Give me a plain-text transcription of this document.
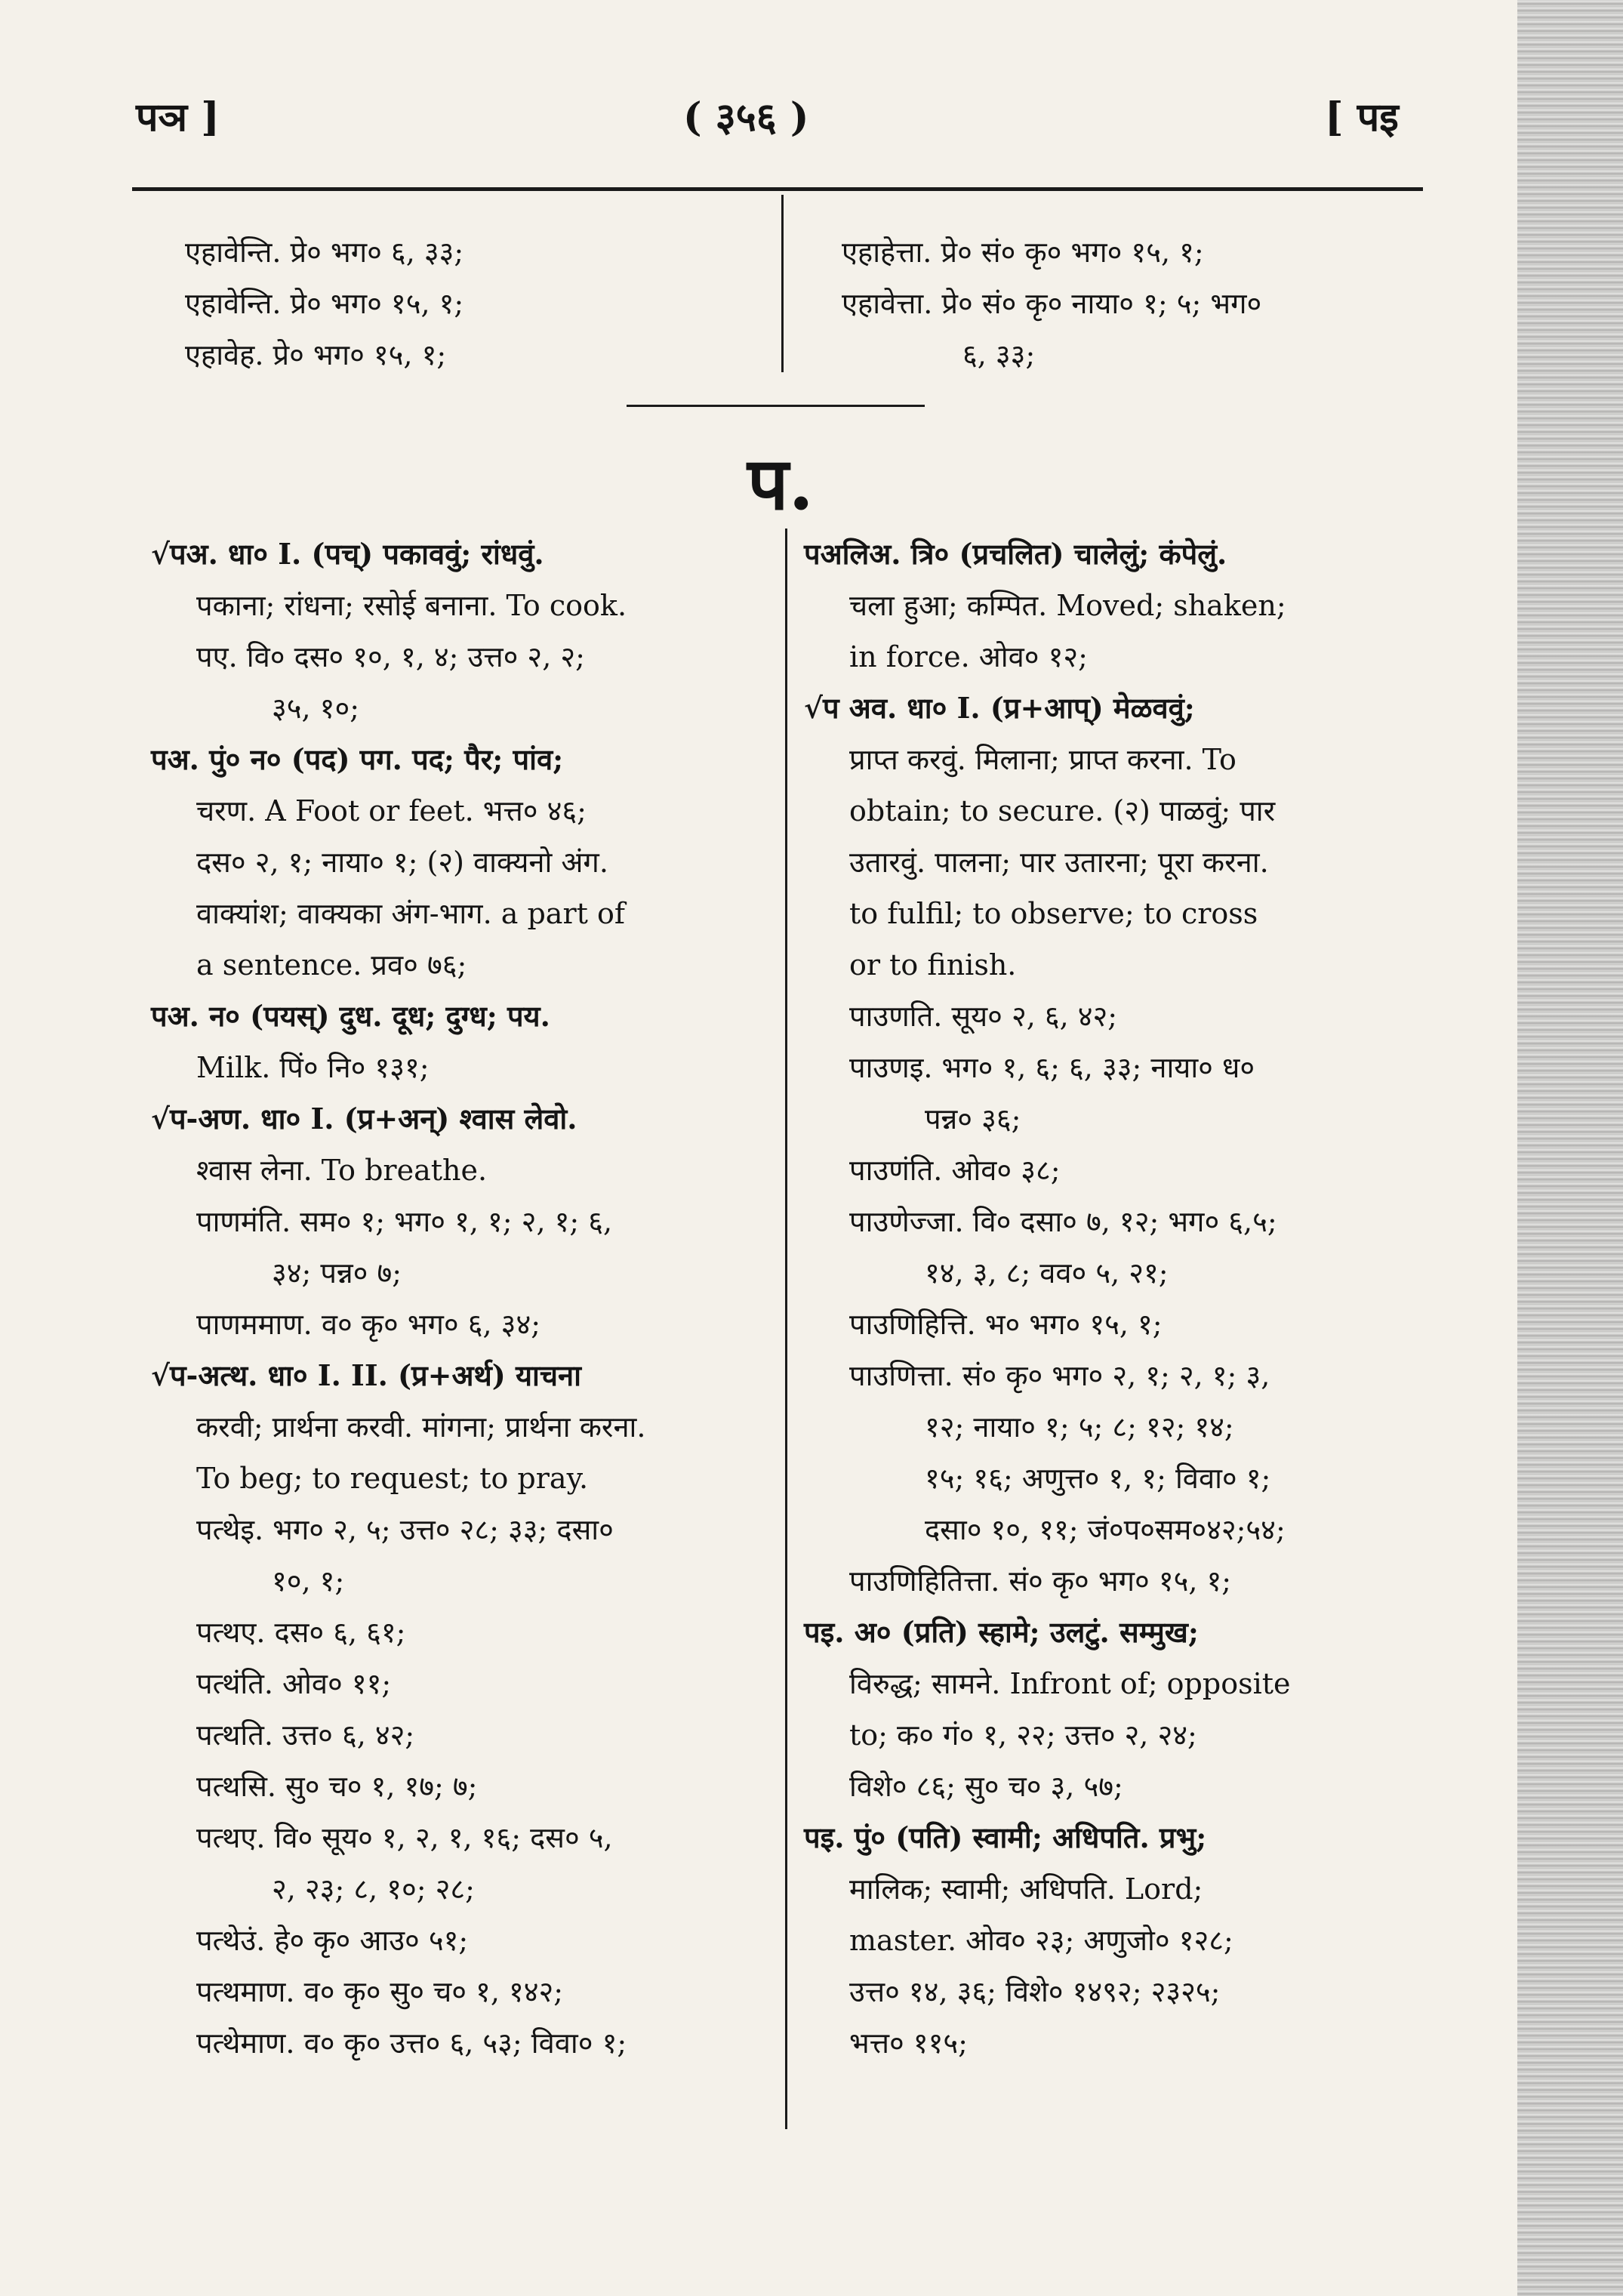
पञ ]	( ३५६ )	[ पइ
एहावेन्ति. प्रे० भग० ६, ३३;
एहावेन्ति. प्रे० भग० १५, १;
एहावेह. प्रे० भग० १५, १;
एहाहेत्ता. प्रे० सं० कृ० भग० १५, १;
एहावेत्ता. प्रे० सं० कृ० नाया० १; ५; भग०
६, ३३;
प.
√पअ. धा० I. (पच्) पकाववुं; रांधवुं.
पकाना; रांधना; रसोई बनाना. To cook.
पए. वि० दस० १०, १, ४; उत्त० २, २;
३५, १०;
पअ. पुं० न० (पद) पग. पद; पैर; पांव;
चरण. A Foot or feet. भत्त० ४६;
दस० २, १; नाया० १; (२) वाक्यनो अंग.
वाक्यांश; वाक्यका अंग-भाग. a part of
a sentence. प्रव० ७६;
पअ. न० (पयस्) दुध. दूध; दुग्ध; पय.
Milk. पिं० नि० १३१;
√प-अण. धा० I. (प्र+अन्) श्वास लेवो.
श्वास लेना. To breathe.
पाणमंति. सम० १; भग० १, १; २, १; ६,
३४; पन्न० ७;
पाणममाण. व० कृ० भग० ६, ३४;
√प-अत्थ. धा० I. II. (प्र+अर्थ) याचना
करवी; प्रार्थना करवी. मांगना; प्रार्थना करना.
To beg; to request; to pray.
पत्थेइ. भग० २, ५; उत्त० २८; ३३; दसा०
१०, १;
पत्थए. दस० ६, ६१;
पत्थंति. ओव० ११;
पत्थति. उत्त० ६, ४२;
पत्थसि. सु० च० १, १७; ७;
पत्थए. वि० सूय० १, २, १, १६; दस० ५,
२, २३; ८, १०; २८;
पत्थेउं. हे० कृ० आउ० ५१;
पत्थमाण. व० कृ० सु० च० १, १४२;
पत्थेमाण. व० कृ० उत्त० ६, ५३; विवा० १;
पअलिअ. त्रि० (प्रचलित) चालेलुं; कंपेलुं.
चला हुआ; कम्पित. Moved; shaken;
in force. ओव० १२;
√प अव. धा० I. (प्र+आप्) मेळववुं;
प्राप्त करवुं. मिलाना; प्राप्त करना. To
obtain; to secure. (२) पाळवुं; पार
उतारवुं. पालना; पार उतारना; पूरा करना.
to fulfil; to observe; to cross
or to finish.
पाउणति. सूय० २, ६, ४२;
पाउणइ. भग० १, ६; ६, ३३; नाया० ध०
पन्न० ३६;
पाउणंति. ओव० ३८;
पाउणेज्जा. वि० दसा० ७, १२; भग० ६,५;
१४, ३, ८; वव० ५, २१;
पाउणिहित्ति. भ० भग० १५, १;
पाउणित्ता. सं० कृ० भग० २, १; २, १; ३,
१२; नाया० १; ५; ८; १२; १४;
१५; १६; अणुत्त० १, १; विवा० १;
दसा० १०, ११; जं०प०सम०४२;५४;
पाउणिहितित्ता. सं० कृ० भग० १५, १;
पइ. अ० (प्रति) स्हामे; उलटुं. सम्मुख;
विरुद्ध; सामने. Infront of; opposite
to; क० गं० १, २२; उत्त० २, २४;
विशे० ८६; सु० च० ३, ५७;
पइ. पुं० (पति) स्वामी; अधिपति. प्रभु;
मालिक; स्वामी; अधिपति. Lord;
master. ओव० २३; अणुजो० १२८;
उत्त० १४, ३६; विशे० १४९२; २३२५;
भत्त० ११५;
